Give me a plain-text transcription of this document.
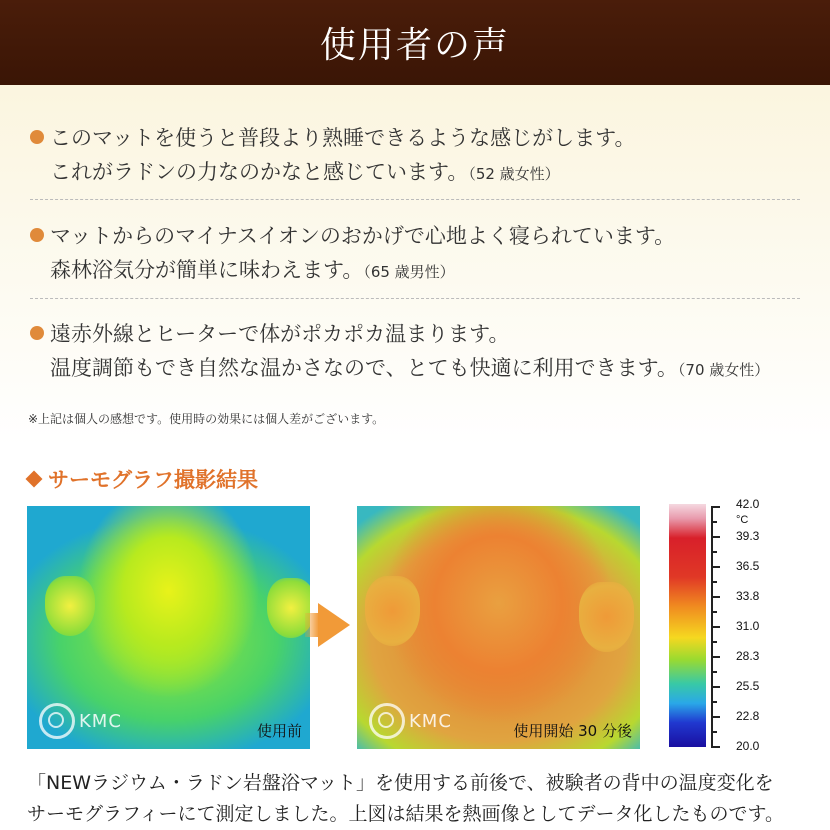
使用者の声
このマットを使うと普段より熟睡できるような感じがします。
これがラドンの力なのかなと感じています。（52 歳女性）
マットからのマイナスイオンのおかげで心地よく寝られています。
森林浴気分が簡単に味わえます。（65 歳男性）
遠赤外線とヒーターで体がポカポカ温まります。
温度調節もでき自然な温かさなので、とても快適に利用できます。（70 歳女性）
※上記は個人の感想です。使用時の効果には個人差がございます。
サーモグラフ撮影結果
KMC	使用前	KMC	使用開始 30 分後
42.0
39.3
36.5
33.8
31.0
28.3
25.5
22.8
20.0
°C
「NEWラジウム・ラドン岩盤浴マット」を使用する前後で、被験者の背中の温度変化を
サーモグラフィーにて測定しました。上図は結果を熱画像としてデータ化したものです。
